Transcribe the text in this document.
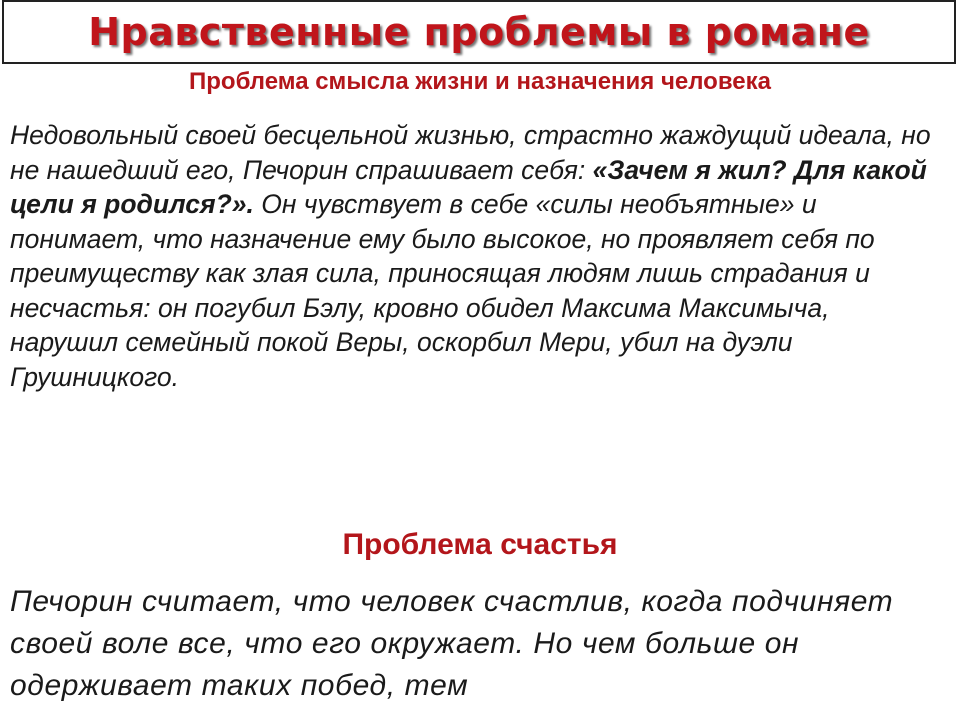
Нравственные проблемы в романе
Проблема смысла жизни и назначения человека
Недовольный своей бесцельной жизнью, страстно жаждущий идеала, но не нашедший его, Печорин спрашивает себя: «Зачем я жил? Для какой цели я родился?». Он чувствует в себе «силы необъятные» и понимает, что назначение ему было высокое, но проявляет себя по преимуществу как злая сила, приносящая людям лишь страдания и несчастья: он погубил Бэлу, кровно обидел Максима Максимыча, нарушил семейный покой Веры, оскорбил Мери, убил на дуэли Грушницкого.
Проблема счастья
Печорин считает, что человек счастлив, когда подчиняет своей воле все, что его окружает. Но чем больше он одерживает таких побед, тем
